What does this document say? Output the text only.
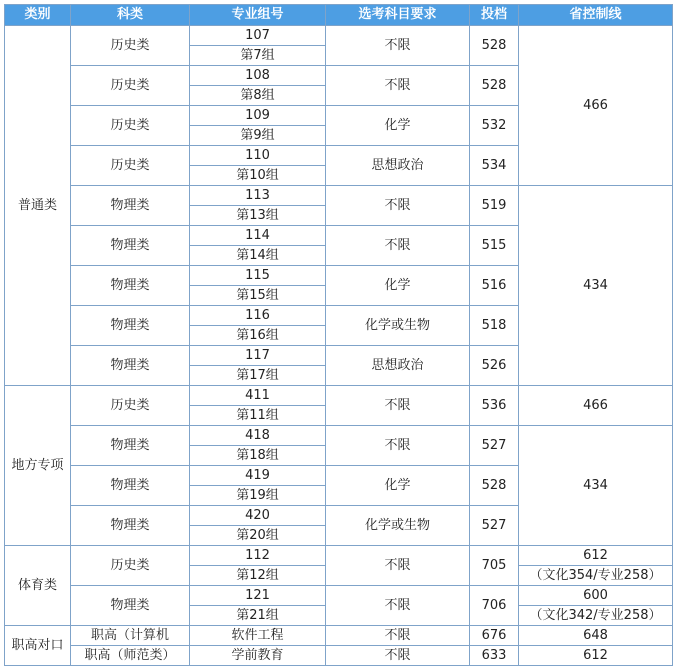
类别	科类	专业组号	选考科目要求	投档	省控制线
普通类	历史类	107	不限	528	466
		第7组			
	历史类	108	不限	528	
		第8组			
	历史类	109	化学	532	
		第9组			
	历史类	110	思想政治	534	
		第10组			
	物理类	113	不限	519	434
		第13组			
	物理类	114	不限	515	
		第14组			
	物理类	115	化学	516	
		第15组			
	物理类	116	化学或生物	518	
		第16组			
	物理类	117	思想政治	526	
		第17组			
地方专项	历史类	411	不限	536	466
		第11组			
	物理类	418	不限	527	434
		第18组			
	物理类	419	化学	528	
		第19组			
	物理类	420	化学或生物	527	
		第20组			
体育类	历史类	112	不限	705	612
		第12组			（文化354/专业258）
	物理类	121	不限	706	600
		第21组			（文化342/专业258）
职高对口	职高（计算机	软件工程	不限	676	648
	职高（师范类）	学前教育	不限	633	612
